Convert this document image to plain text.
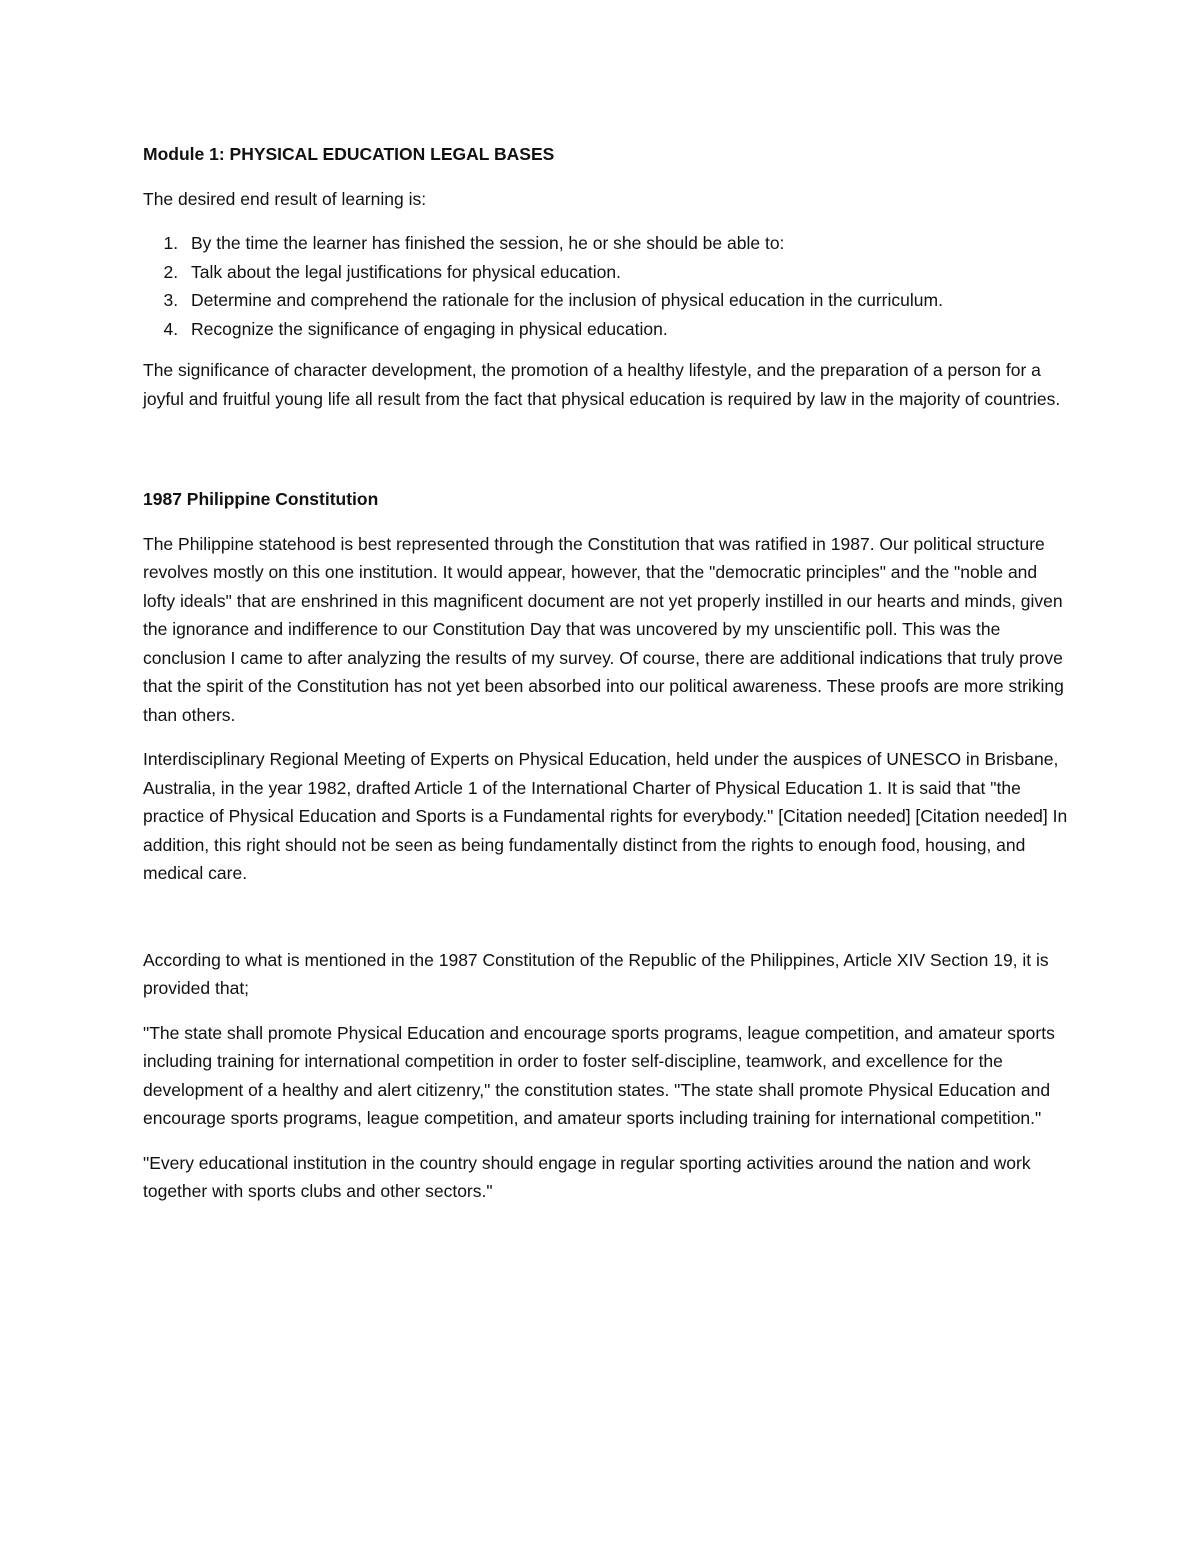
Module 1: PHYSICAL EDUCATION LEGAL BASES

The desired end result of learning is:

1. By the time the learner has finished the session, he or she should be able to:
2. Talk about the legal justifications for physical education.
3. Determine and comprehend the rationale for the inclusion of physical education in the curriculum.
4. Recognize the significance of engaging in physical education.

The significance of character development, the promotion of a healthy lifestyle, and the preparation of a person for a joyful and fruitful young life all result from the fact that physical education is required by law in the majority of countries.

1987 Philippine Constitution

The Philippine statehood is best represented through the Constitution that was ratified in 1987. Our political structure revolves mostly on this one institution. It would appear, however, that the "democratic principles" and the "noble and lofty ideals" that are enshrined in this magnificent document are not yet properly instilled in our hearts and minds, given the ignorance and indifference to our Constitution Day that was uncovered by my unscientific poll. This was the conclusion I came to after analyzing the results of my survey. Of course, there are additional indications that truly prove that the spirit of the Constitution has not yet been absorbed into our political awareness. These proofs are more striking than others.

Interdisciplinary Regional Meeting of Experts on Physical Education, held under the auspices of UNESCO in Brisbane, Australia, in the year 1982, drafted Article 1 of the International Charter of Physical Education 1. It is said that "the practice of Physical Education and Sports is a Fundamental rights for everybody." [Citation needed] [Citation needed] In addition, this right should not be seen as being fundamentally distinct from the rights to enough food, housing, and medical care.

According to what is mentioned in the 1987 Constitution of the Republic of the Philippines, Article XIV Section 19, it is provided that;

"The state shall promote Physical Education and encourage sports programs, league competition, and amateur sports including training for international competition in order to foster self-discipline, teamwork, and excellence for the development of a healthy and alert citizenry," the constitution states. "The state shall promote Physical Education and encourage sports programs, league competition, and amateur sports including training for international competition."

"Every educational institution in the country should engage in regular sporting activities around the nation and work together with sports clubs and other sectors."
